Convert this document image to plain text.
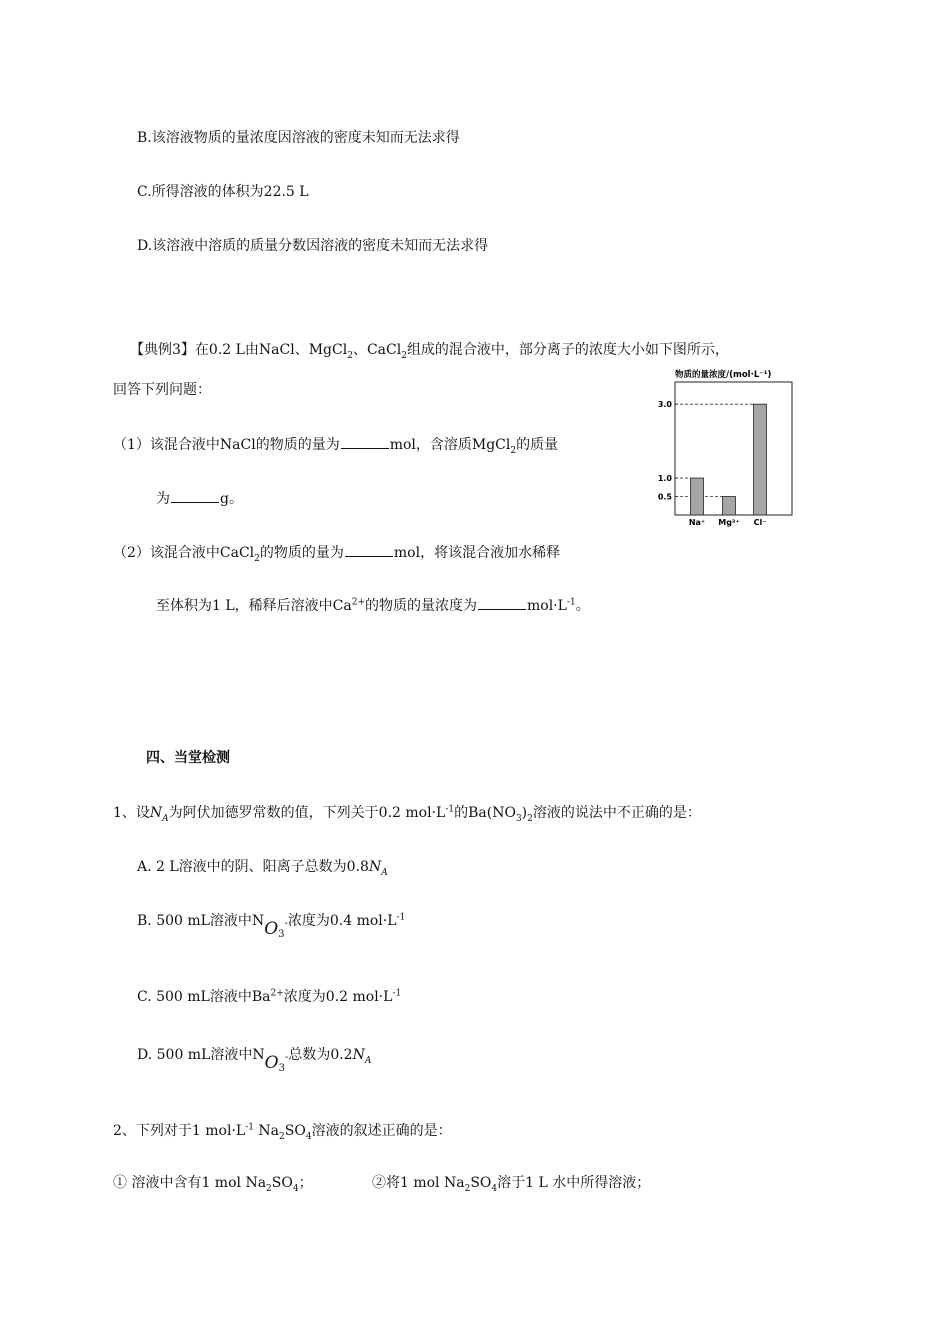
B.该溶液物质的量浓度因溶液的密度未知而无法求得
C.所得溶液的体积为22.5 L
D.该溶液中溶质的质量分数因溶液的密度未知而无法求得
【典例3】在0.2 L由NaCl、MgCl$_2$、CaCl$_2$组成的混合液中，部分离子的浓度大小如下图所示，
回答下列问题：
（1）该混合液中NaCl的物质的量为	mol，含溶质MgCl$_2$的质量
为	g。
（2）该混合液中CaCl$_2$的物质的量为	mol，将该混合液加水稀释
至体积为1 L，稀释后溶液中$Ca^{2+}$的物质的量浓度为	$mol\cdot L^{-1}$。
物质的量浓度/(mol·L⁻¹)
3.0
1.0
0.5
Na⁺ Mg²⁺ Cl⁻
四、当堂检测
1、设$N_A$为阿伏加德罗常数的值，下列关于0.2 $mol\cdot L^{-1}$的$Ba(NO_3)_2$溶液的说法中不正确的是：
A. 2 L溶液中的阴、阳离子总数为$0.8N_A$
B. 500 mL溶液中$NO_3-$浓度为0.4 $mol\cdot L^{-1}$
C. 500 mL溶液中$Ba^{2+}$浓度为0.2 $mol\cdot L^{-1}$
D. 500 mL溶液中$NO_3-$总数为$0.2N_A$
2、下列对于1 $mol\cdot L^{-1}$ $Na_2SO_4$溶液的叙述正确的是：
① 溶液中含有1 mol $Na_2SO_4$；	②将1 mol $Na_2SO_4$溶于1 L 水中所得溶液；
